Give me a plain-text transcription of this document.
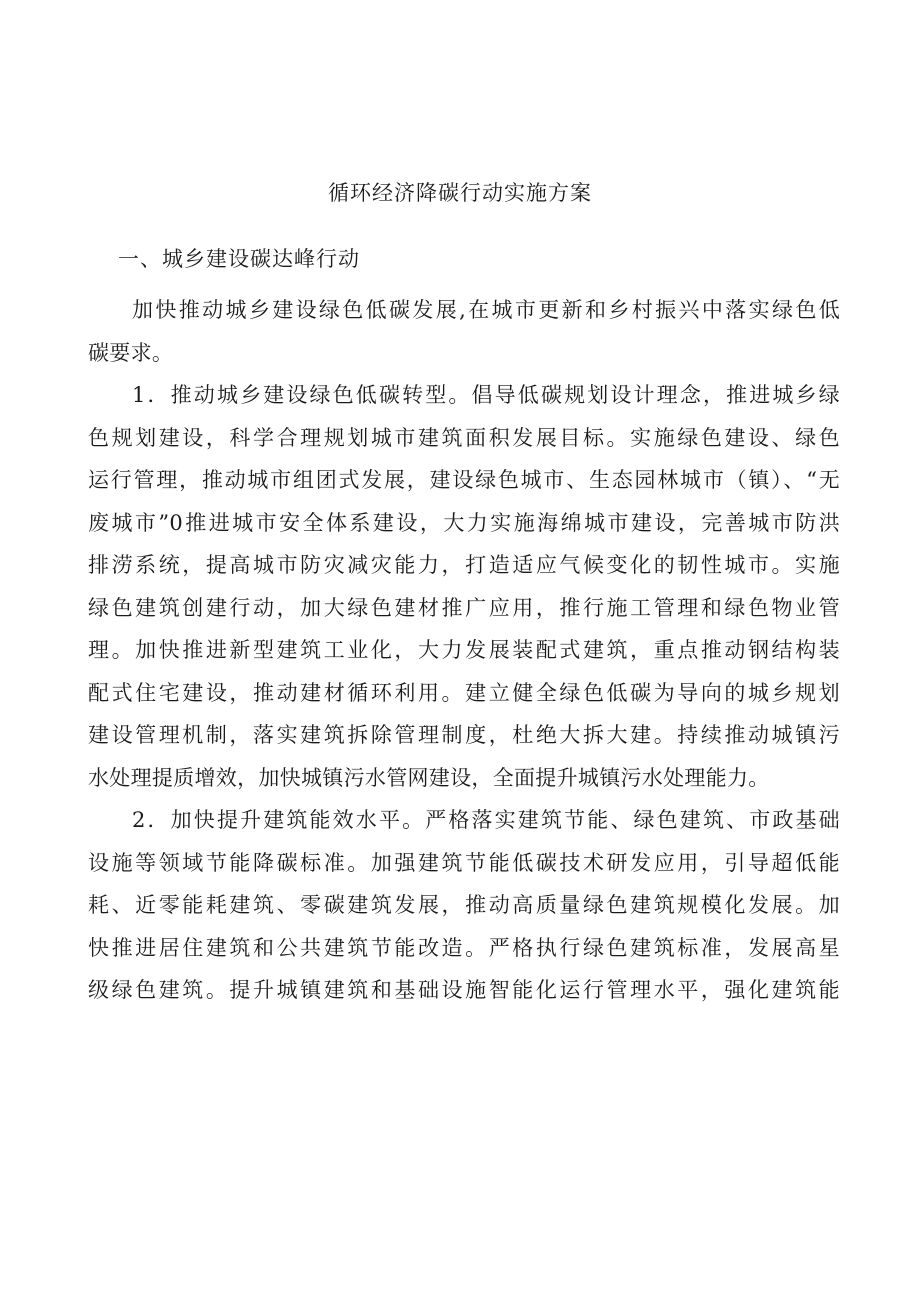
循环经济降碳行动实施方案
一、城乡建设碳达峰行动

加快推动城乡建设绿色低碳发展,在城市更新和乡村振兴中落实绿色低
碳要求。

1．推动城乡建设绿色低碳转型。倡导低碳规划设计理念，推进城乡绿
色规划建设，科学合理规划城市建筑面积发展目标。实施绿色建设、绿色
运行管理，推动城市组团式发展，建设绿色城市、生态园林城市（镇）、“无
废城市”0推进城市安全体系建设，大力实施海绵城市建设，完善城市防洪
排涝系统，提高城市防灾减灾能力，打造适应气候变化的韧性城市。实施
绿色建筑创建行动，加大绿色建材推广应用，推行施工管理和绿色物业管
理。加快推进新型建筑工业化，大力发展装配式建筑，重点推动钢结构装
配式住宅建设，推动建材循环利用。建立健全绿色低碳为导向的城乡规划
建设管理机制，落实建筑拆除管理制度，杜绝大拆大建。持续推动城镇污
水处理提质增效，加快城镇污水管网建设，全面提升城镇污水处理能力。

2．加快提升建筑能效水平。严格落实建筑节能、绿色建筑、市政基础
设施等领域节能降碳标准。加强建筑节能低碳技术研发应用，引导超低能
耗、近零能耗建筑、零碳建筑发展，推动高质量绿色建筑规模化发展。加
快推进居住建筑和公共建筑节能改造。严格执行绿色建筑标准，发展高星
级绿色建筑。提升城镇建筑和基础设施智能化运行管理水平，强化建筑能
